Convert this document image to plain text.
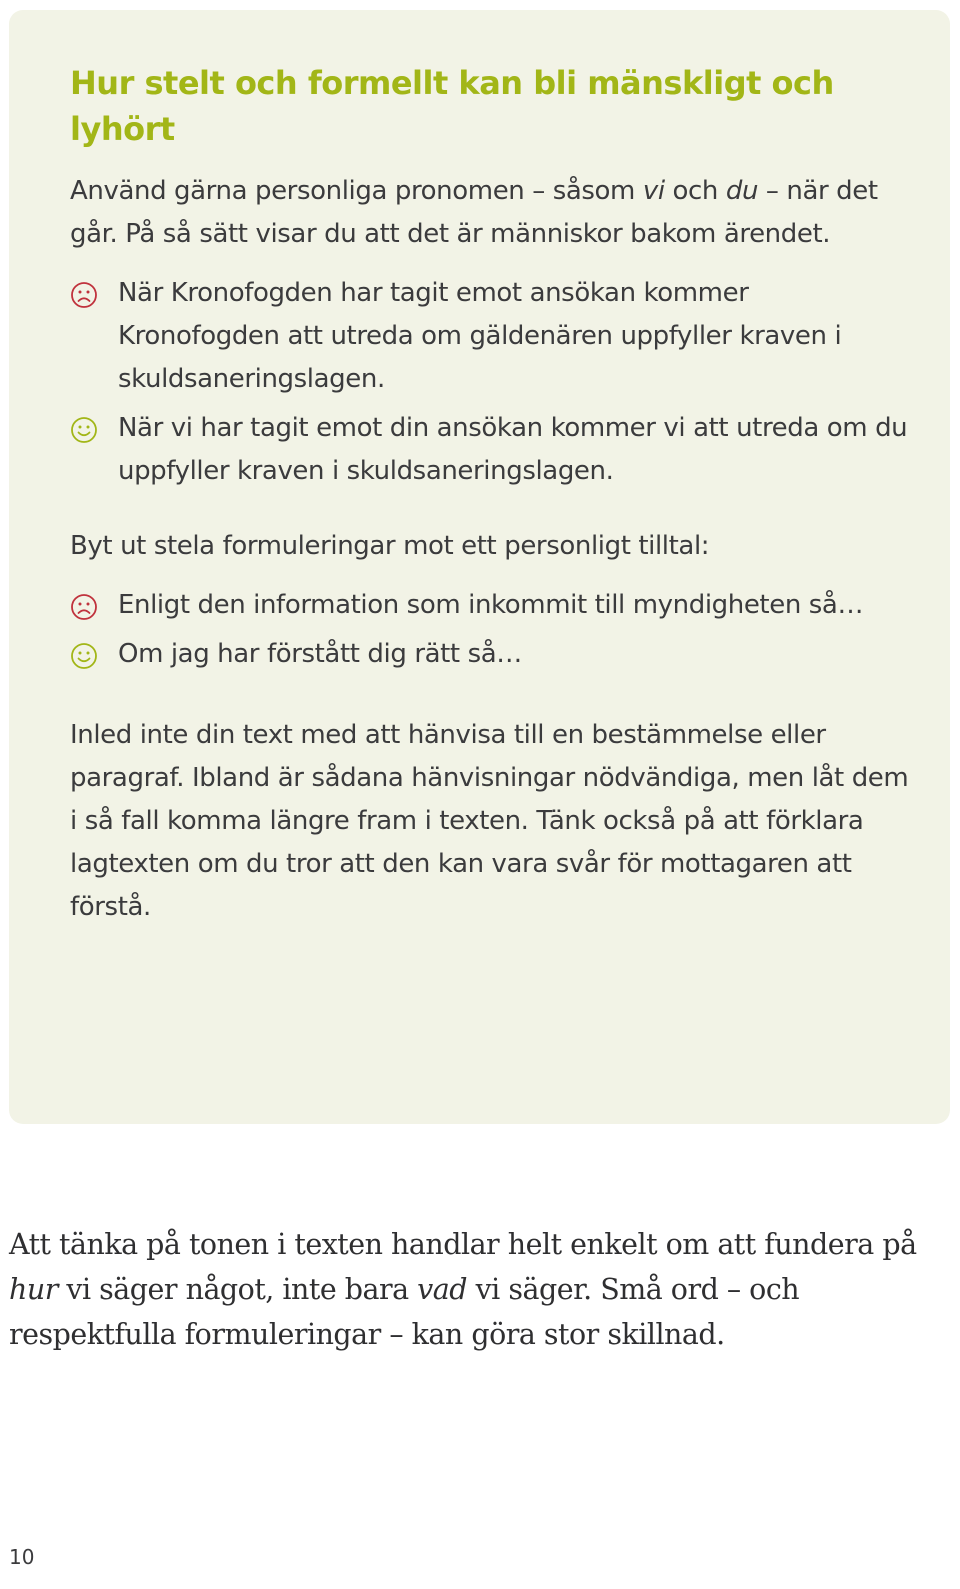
Hur stelt och formellt kan bli mänskligt och lyhört

Använd gärna personliga pronomen – såsom vi och du – när det går. På så sätt visar du att det är människor bakom ärendet.

När Kronofogden har tagit emot ansökan kommer Kronofogden att utreda om gäldenären uppfyller kraven i skuldsaneringslagen.
När vi har tagit emot din ansökan kommer vi att utreda om du uppfyller kraven i skuldsaneringslagen.

Byt ut stela formuleringar mot ett personligt tilltal:

Enligt den information som inkommit till myndigheten så…
Om jag har förstått dig rätt så…

Inled inte din text med att hänvisa till en bestämmelse eller paragraf. Ibland är sådana hänvisningar nödvändiga, men låt dem i så fall komma längre fram i texten. Tänk också på att förklara lagtexten om du tror att den kan vara svår för mottagaren att förstå.

Att tänka på tonen i texten handlar helt enkelt om att fundera på hur vi säger något, inte bara vad vi säger. Små ord – och respektfulla formuleringar – kan göra stor skillnad.

10
